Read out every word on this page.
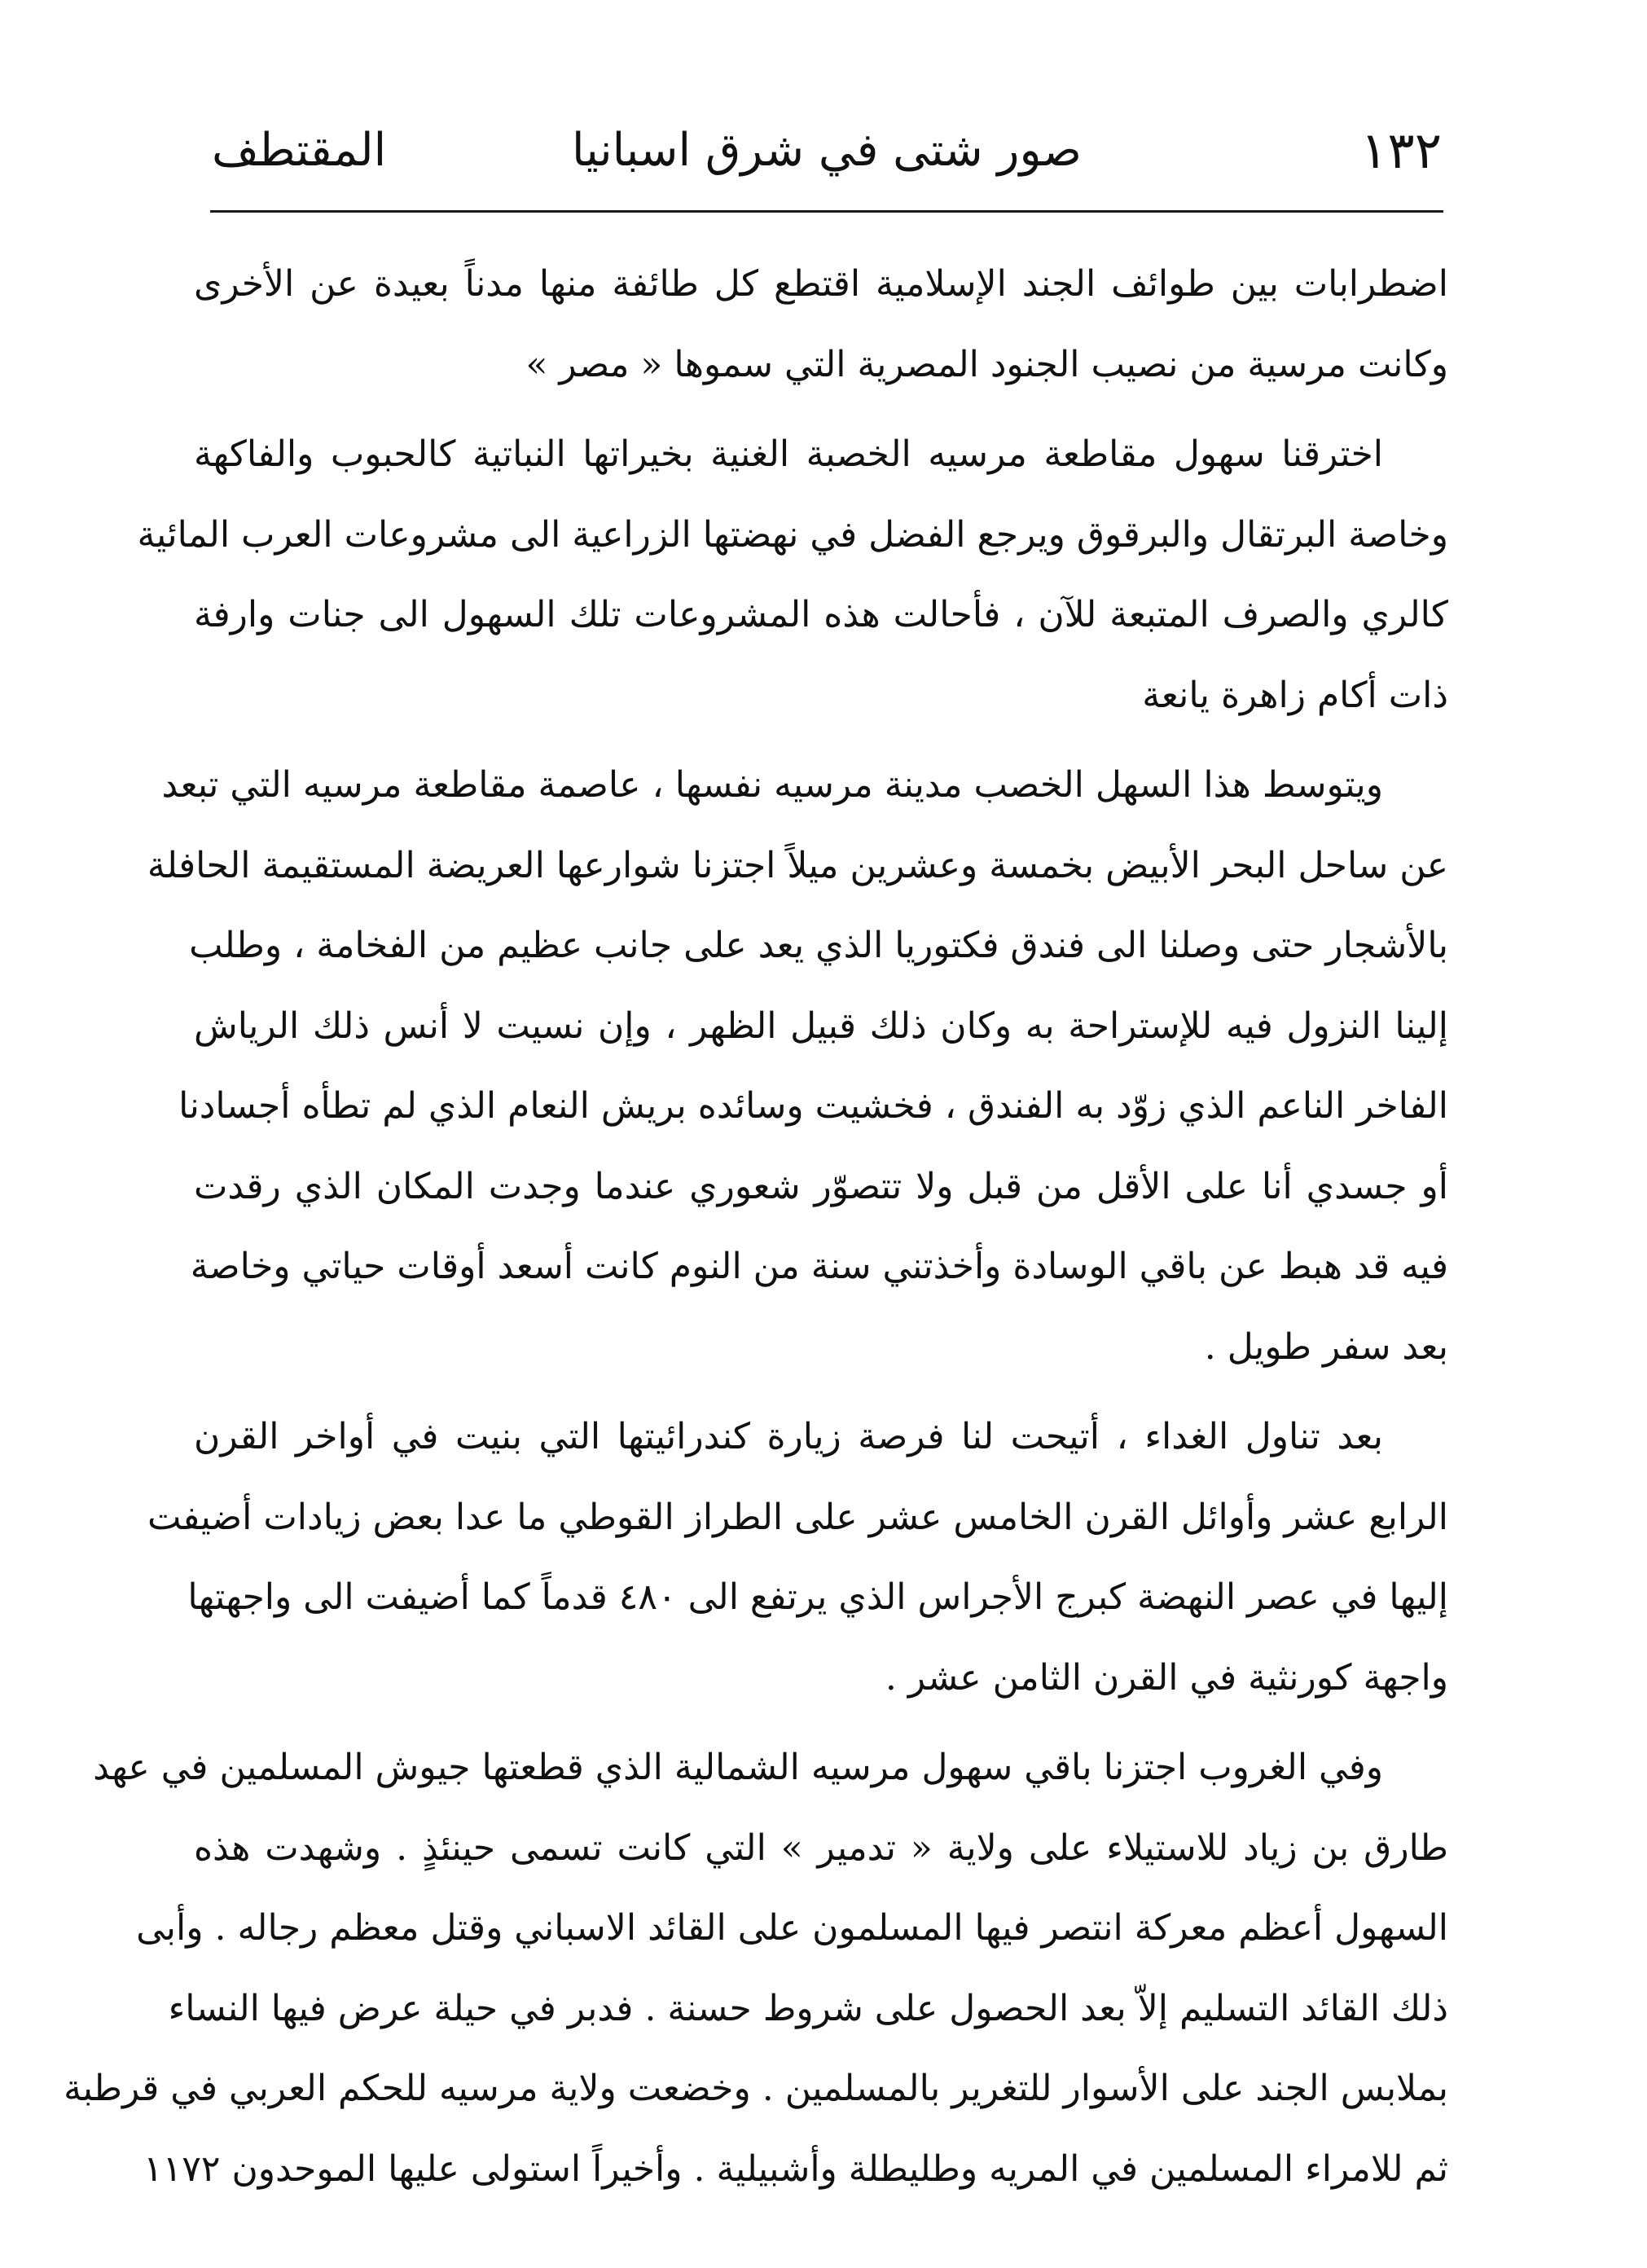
١٣٢
صور شتى في شرق اسبانيا
المقتطف
اضطرابات بين طوائف الجند الإسلامية اقتطع كل طائفة منها مدناً بعيدة عن الأخرى
وكانت مرسية من نصيب الجنود المصرية التي سموها « مصر »
اخترقنا سهول مقاطعة مرسيه الخصبة الغنية بخيراتها النباتية كالحبوب والفاكهة
وخاصة البرتقال والبرقوق ويرجع الفضل في نهضتها الزراعية الى مشروعات العرب المائية
كالري والصرف المتبعة للآن ، فأحالت هذه المشروعات تلك السهول الى جنات وارفة
ذات أكام زاهرة يانعة
ويتوسط هذا السهل الخصب مدينة مرسيه نفسها ، عاصمة مقاطعة مرسيه التي تبعد
عن ساحل البحر الأبيض بخمسة وعشرين ميلاً اجتزنا شوارعها العريضة المستقيمة الحافلة
بالأشجار حتى وصلنا الى فندق فكتوريا الذي يعد على جانب عظيم من الفخامة ، وطلب
إلينا النزول فيه للإستراحة به وكان ذلك قبيل الظهر ، وإن نسيت لا أنس ذلك الرياش
الفاخر الناعم الذي زوّد به الفندق ، فخشيت وسائده بريش النعام الذي لم تطأه أجسادنا
أو جسدي أنا على الأقل من قبل ولا تتصوّر شعوري عندما وجدت المكان الذي رقدت
فيه قد هبط عن باقي الوسادة وأخذتني سنة من النوم كانت أسعد أوقات حياتي وخاصة
بعد سفر طويل .
بعد تناول الغداء ، أتيحت لنا فرصة زيارة كندرائيتها التي بنيت في أواخر القرن
الرابع عشر وأوائل القرن الخامس عشر على الطراز القوطي ما عدا بعض زيادات أضيفت
إليها في عصر النهضة كبرج الأجراس الذي يرتفع الى ٤٨٠ قدماً كما أضيفت الى واجهتها
واجهة كورنثية في القرن الثامن عشر .
وفي الغروب اجتزنا باقي سهول مرسيه الشمالية الذي قطعتها جيوش المسلمين في عهد
طارق بن زياد للاستيلاء على ولاية « تدمير » التي كانت تسمى حينئذٍ . وشهدت هذه
السهول أعظم معركة انتصر فيها المسلمون على القائد الاسباني وقتل معظم رجاله . وأبى
ذلك القائد التسليم إلاّ بعد الحصول على شروط حسنة . فدبر في حيلة عرض فيها النساء
بملابس الجند على الأسوار للتغرير بالمسلمين . وخضعت ولاية مرسيه للحكم العربي في قرطبة
ثم للامراء المسلمين في المريه وطليطلة وأشبيلية . وأخيراً استولى عليها الموحدون ١١٧٢
